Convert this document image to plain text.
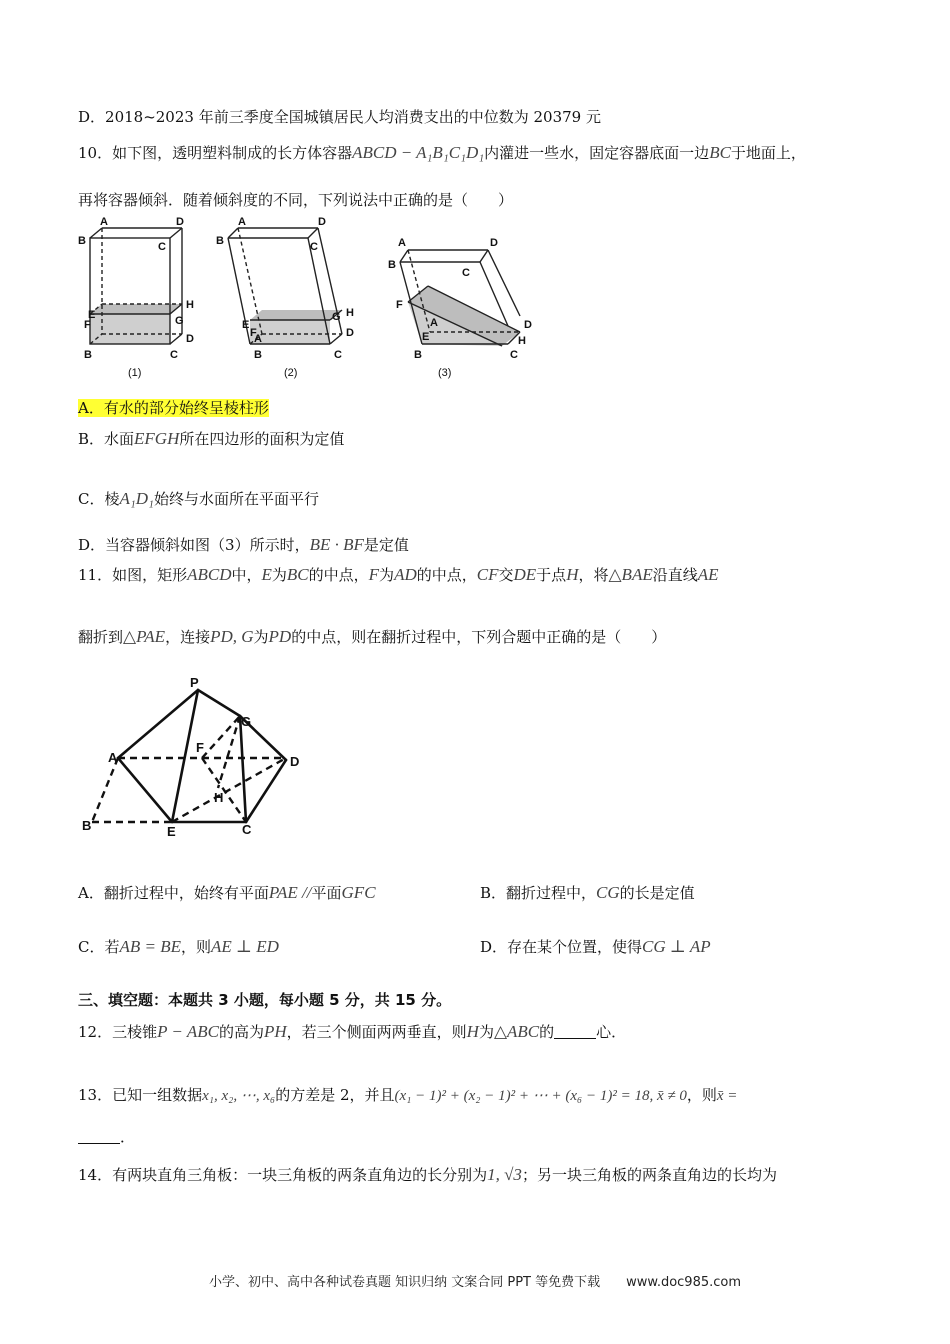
D．2018~2023 年前三季度全国城镇居民人均消费支出的中位数为 20379 元
10．如下图，透明塑料制成的长方体容器ABCD − A₁B₁C₁D₁内灌进一些水，固定容器底面一边BC于地面上，
再将容器倾斜．随着倾斜度的不同，下列说法中正确的是（　　）
B
A	D
C
F
E	G
H
D
B	C
(1)
A	D
B	C
E
F
A
G H
D
B	C
(2)
A	D
B
C
F
A	D
H
E
B	C
(3)
A．有水的部分始终呈棱柱形
B．水面EFGH所在四边形的面积为定值
C．棱A₁D₁始终与水面所在平面平行
D．当容器倾斜如图（3）所示时，BE · BF是定值
11．如图，矩形ABCD中，E为BC的中点，F为AD的中点，CF交DE于点H，将△BAE沿直线AE
翻折到△PAE，连接PD, G为PD的中点，则在翻折过程中，下列合题中正确的是（　　）
P
G
F
A	D
H
B	E	C
A．翻折过程中，始终有平面PAE //平面GFC	B．翻折过程中，CG的长是定值
C．若AB = BE，则AE ⊥ ED	D．存在某个位置，使得CG ⊥ AP
三、填空题：本题共 3 小题，每小题 5 分，共 15 分。
12．三棱锥P − ABC的高为PH，若三个侧面两两垂直，则H为△ABC的	心．
13．已知一组数据x₁, x₂, ⋯, x₆的方差是 2，并且(x₁ − 1)² + (x₂ − 1)² + ⋯ + (x₆ − 1)² = 18, x̄ ≠ 0，则x̄ =
．
14．有两块直角三角板：一块三角板的两条直角边的长分别为1, √3；另一块三角板的两条直角边的长均为
小学、初中、高中各种试卷真题 知识归纳 文案合同 PPT 等免费下载　　www.doc985.com
